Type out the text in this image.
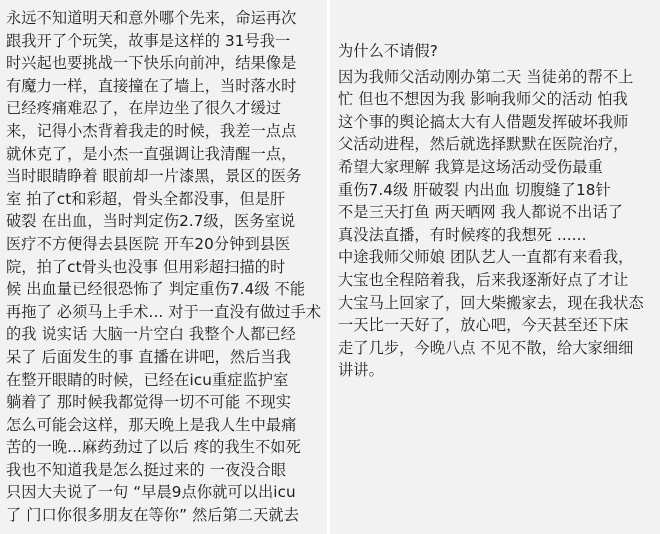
永远不知道明天和意外哪个先来，命运再次
跟我开了个玩笑，故事是这样的 31号我一
时兴起也要挑战一下快乐向前冲，结果像是
有魔力一样，直接撞在了墙上，当时落水时
已经疼痛难忍了，在岸边坐了很久才缓过
来，记得小杰背着我走的时候，我差一点点
就休克了，是小杰一直强调让我清醒一点，
当时眼睛睁着 眼前却一片漆黑，景区的医务
室 拍了ct和彩超，骨头全都没事，但是肝
破裂 在出血，当时判定伤2.7级，医务室说
医疗不方便得去县医院 开车20分钟到县医
院，拍了ct骨头也没事 但用彩超扫描的时
候 出血量已经很恐怖了 判定重伤7.4级 不能
再拖了 必须马上手术... 对于一直没有做过手术
的我 说实话 大脑一片空白 我整个人都已经
呆了 后面发生的事 直播在讲吧，然后当我
在整开眼睛的时候，已经在icu重症监护室
躺着了 那时候我都觉得一切不可能 不现实
怎么可能会这样，那天晚上是我人生中最痛
苦的一晚...麻药劲过了以后 疼的我生不如死
我也不知道我是怎么挺过来的 一夜没合眼
只因大夫说了一句 “早晨9点你就可以出icu
了 门口你很多朋友在等你” 然后第二天就去
为什么不请假?
因为我师父活动刚办第二天 当徒弟的帮不上
忙 但也不想因为我 影响我师父的活动 怕我
这个事的舆论搞太大有人借题发挥破坏我师
父活动进程，然后就选择默默在医院治疗，
希望大家理解 我算是这场活动受伤最重
重伤7.4级 肝破裂 内出血 切腹缝了18针
不是三天打鱼 两天晒网 我人都说不出话了
真没法直播，有时候疼的我想死 ......
中途我师父师娘 团队艺人一直都有来看我，
大宝也全程陪着我，后来我逐渐好点了才让
大宝马上回家了，回大柴搬家去，现在我状态
一天比一天好了，放心吧，今天甚至还下床
走了几步，今晚八点 不见不散，给大家细细
讲讲。
